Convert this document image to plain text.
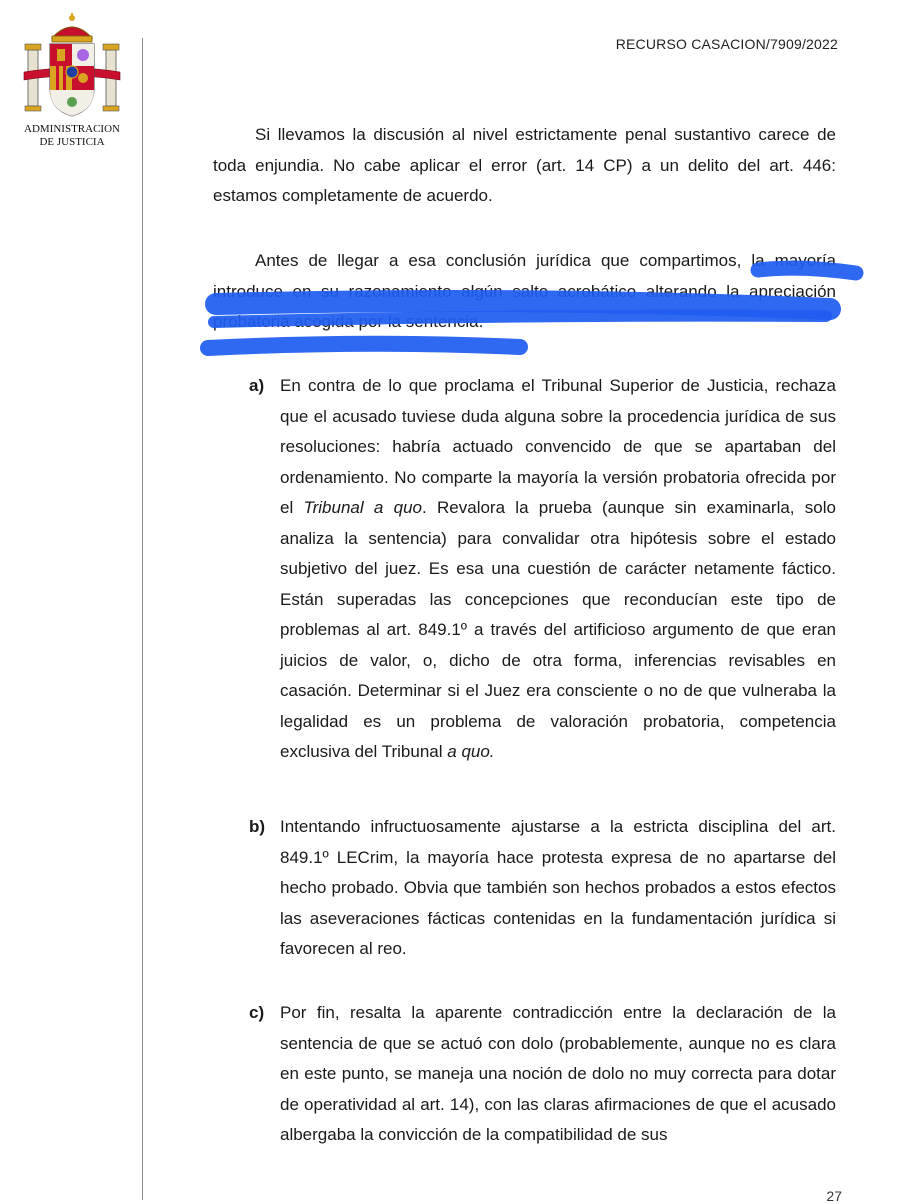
ADMINISTRACION
DE JUSTICIA
RECURSO CASACION/7909/2022

Si llevamos la discusión al nivel estrictamente penal sustantivo carece de toda enjundia. No cabe aplicar el error (art. 14 CP) a un delito del art. 446: estamos completamente de acuerdo.

Antes de llegar a esa conclusión jurídica que compartimos, la mayoría introduce en su razonamiento algún salto acrobático alterando la apreciación probatoria acogida por la sentencia.

a) En contra de lo que proclama el Tribunal Superior de Justicia, rechaza que el acusado tuviese duda alguna sobre la procedencia jurídica de sus resoluciones: habría actuado convencido de que se apartaban del ordenamiento. No comparte la mayoría la versión probatoria ofrecida por el Tribunal a quo. Revalora la prueba (aunque sin examinarla, solo analiza la sentencia) para convalidar otra hipótesis sobre el estado subjetivo del juez. Es esa una cuestión de carácter netamente fáctico. Están superadas las concepciones que reconducían este tipo de problemas al art. 849.1º a través del artificioso argumento de que eran juicios de valor, o, dicho de otra forma, inferencias revisables en casación. Determinar si el Juez era consciente o no de que vulneraba la legalidad es un problema de valoración probatoria, competencia exclusiva del Tribunal a quo.

b) Intentando infructuosamente ajustarse a la estricta disciplina del art. 849.1º LECrim, la mayoría hace protesta expresa de no apartarse del hecho probado. Obvia que también son hechos probados a estos efectos las aseveraciones fácticas contenidas en la fundamentación jurídica si favorecen al reo.

c) Por fin, resalta la aparente contradicción entre la declaración de la sentencia de que se actuó con dolo (probablemente, aunque no es clara en este punto, se maneja una noción de dolo no muy correcta para dotar de operatividad al art. 14), con las claras afirmaciones de que el acusado albergaba la convicción de la compatibilidad de sus

27
